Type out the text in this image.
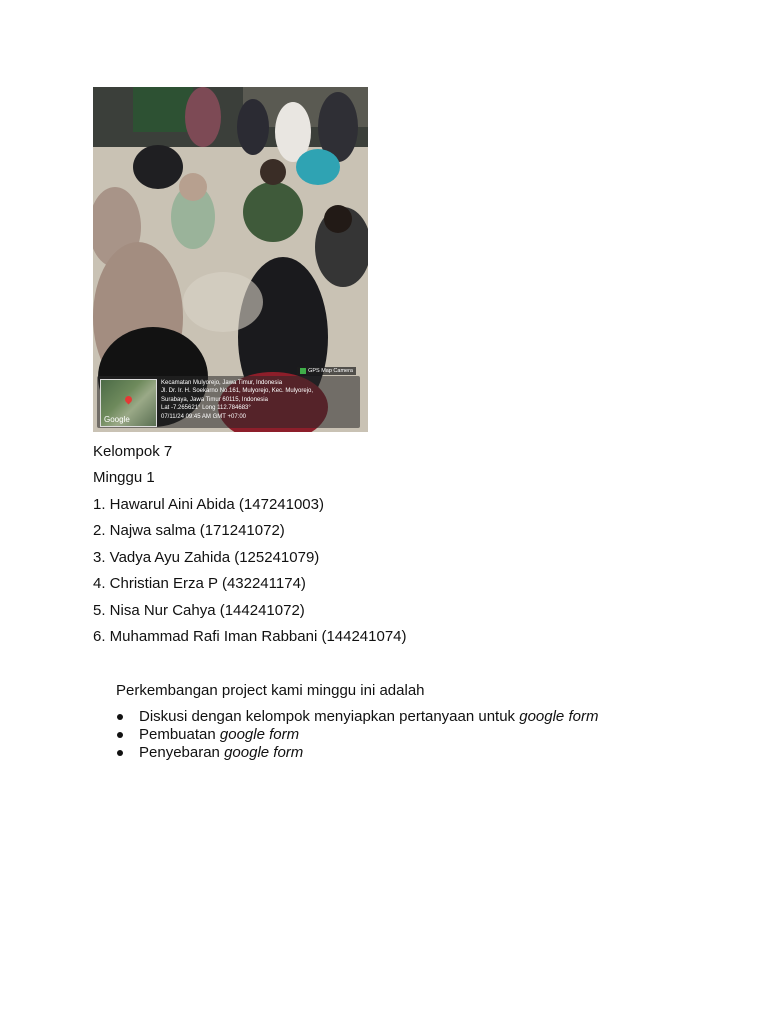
GPS Map Camera
Google
Kecamatan Mulyorejo, Jawa Timur, Indonesia
Jl. Dr. Ir. H. Soekarno No.161, Mulyorejo, Kec. Mulyorejo,
Surabaya, Jawa Timur 60115, Indonesia
Lat -7.265621° Long 112.784683°
07/11/24 09:45 AM GMT +07:00
Kelompok 7
Minggu 1
1. Hawarul Aini Abida (147241003)
2. Najwa salma (171241072)
3. Vadya Ayu Zahida (125241079)
4. Christian Erza P (432241174)
5. Nisa Nur Cahya (144241072)
6. Muhammad Rafi Iman Rabbani (144241074)
Perkembangan project kami minggu ini adalah
Diskusi dengan kelompok menyiapkan pertanyaan untuk google form
Pembuatan google form
Penyebaran google form
